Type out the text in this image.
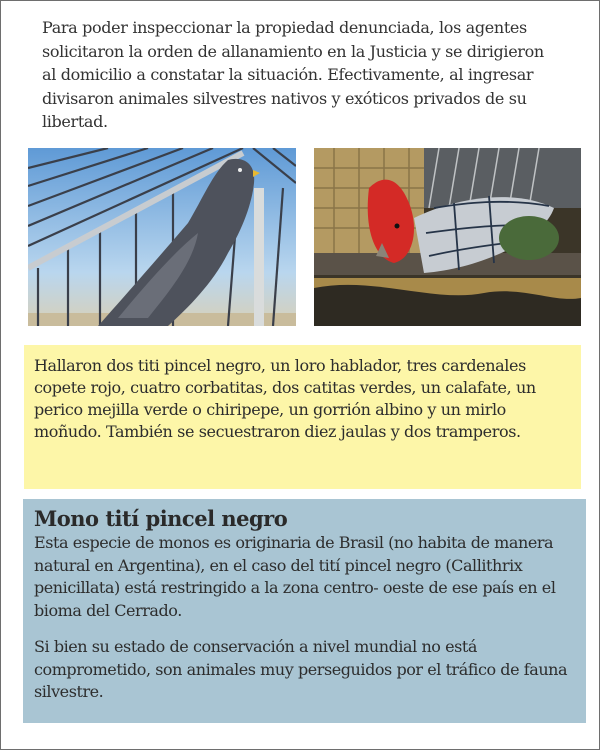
Para poder inspeccionar la propiedad denunciada, los agentes solicitaron la orden de allanamiento en la Justicia y se dirigieron al domicilio a constatar la situación. Efectivamente, al ingresar divisaron animales silvestres nativos y exóticos privados de su libertad.

Hallaron dos titi pincel negro, un loro hablador, tres cardenales copete rojo, cuatro corbatitas, dos catitas verdes, un calafate, un perico mejilla verde o chiripepe, un gorrión albino y un mirlo moñudo. También se secuestraron diez jaulas y dos tramperos.

Mono tití pincel negro

Esta especie de monos es originaria de Brasil (no habita de manera natural en Argentina), en el caso del tití pincel negro (Callithrix penicillata) está restringido a la zona centro- oeste de ese país en el bioma del Cerrado.

Si bien su estado de conservación a nivel mundial no está comprometido, son animales muy perseguidos por el tráfico de fauna silvestre.
